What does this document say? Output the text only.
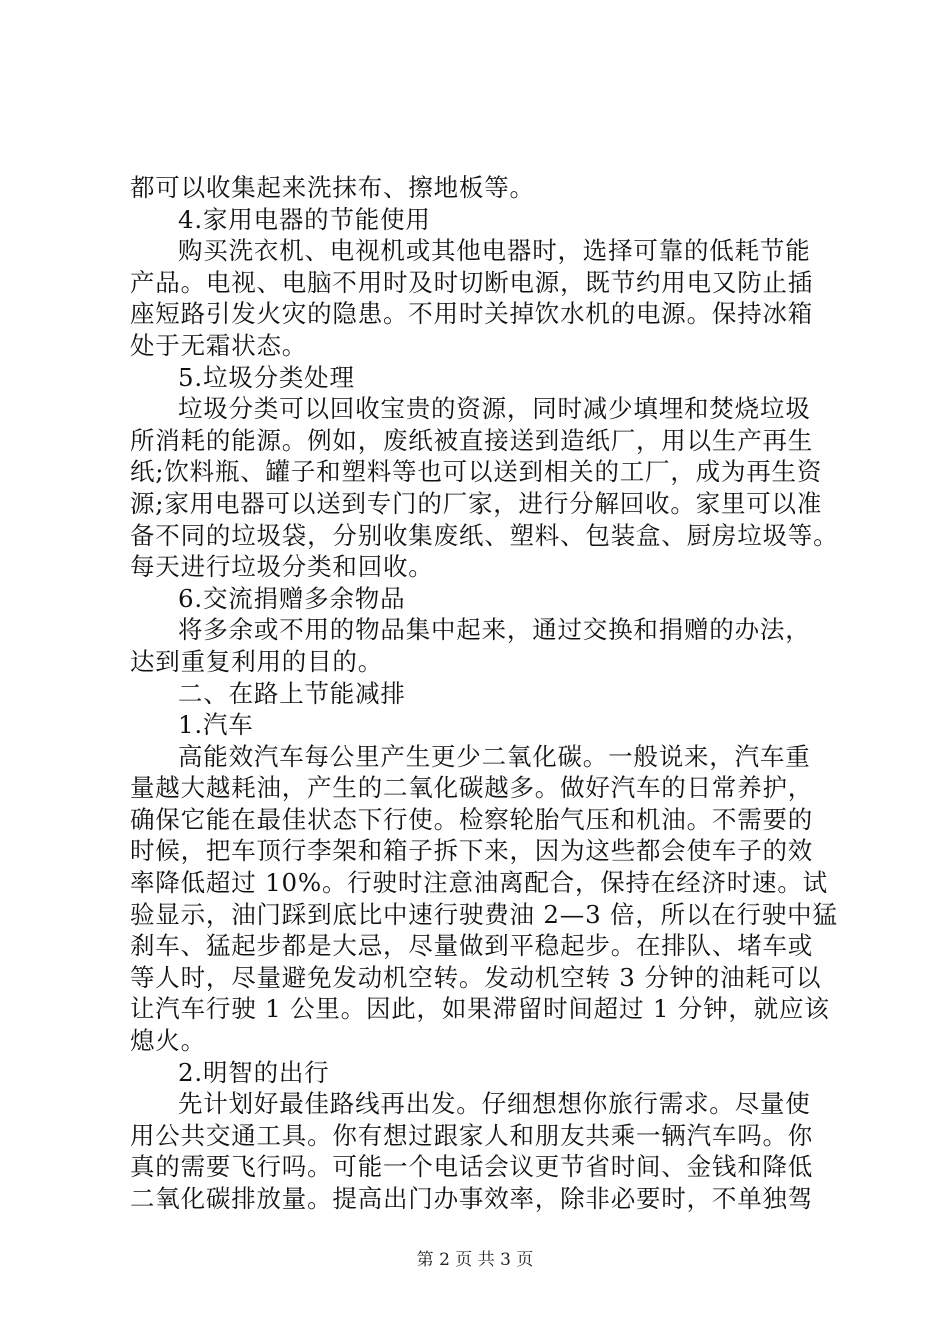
都可以收集起来洗抹布、擦地板等。
4.家用电器的节能使用
购买洗衣机、电视机或其他电器时，选择可靠的低耗节能
产品。电视、电脑不用时及时切断电源，既节约用电又防止插
座短路引发火灾的隐患。不用时关掉饮水机的电源。保持冰箱
处于无霜状态。
5.垃圾分类处理
垃圾分类可以回收宝贵的资源，同时减少填埋和焚烧垃圾
所消耗的能源。例如，废纸被直接送到造纸厂，用以生产再生
纸;饮料瓶、罐子和塑料等也可以送到相关的工厂，成为再生资
源;家用电器可以送到专门的厂家，进行分解回收。家里可以准
备不同的垃圾袋，分别收集废纸、塑料、包装盒、厨房垃圾等。
每天进行垃圾分类和回收。
6.交流捐赠多余物品
将多余或不用的物品集中起来，通过交换和捐赠的办法，
达到重复利用的目的。
二、在路上节能减排
1.汽车
高能效汽车每公里产生更少二氧化碳。一般说来，汽车重
量越大越耗油，产生的二氧化碳越多。做好汽车的日常养护，
确保它能在最佳状态下行使。检察轮胎气压和机油。不需要的
时候，把车顶行李架和箱子拆下来，因为这些都会使车子的效
率降低超过 10%。行驶时注意油离配合，保持在经济时速。试
验显示，油门踩到底比中速行驶费油 2—3 倍，所以在行驶中猛
刹车、猛起步都是大忌，尽量做到平稳起步。在排队、堵车或
等人时，尽量避免发动机空转。发动机空转 3 分钟的油耗可以
让汽车行驶 1 公里。因此，如果滞留时间超过 1 分钟，就应该
熄火。
2.明智的出行
先计划好最佳路线再出发。仔细想想你旅行需求。尽量使
用公共交通工具。你有想过跟家人和朋友共乘一辆汽车吗。你
真的需要飞行吗。可能一个电话会议更节省时间、金钱和降低
二氧化碳排放量。提高出门办事效率，除非必要时，不单独驾
第 2 页 共 3 页
